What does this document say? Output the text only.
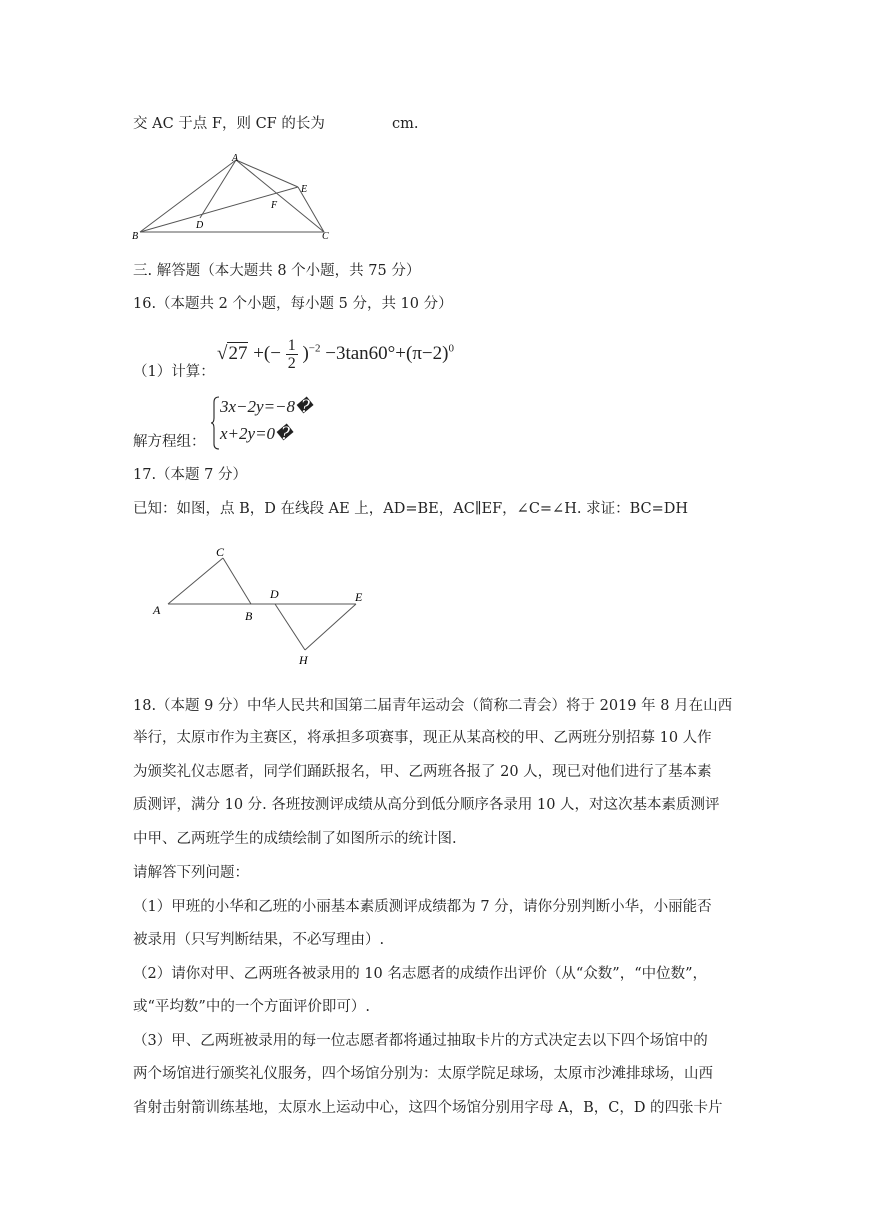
交 AC 于点 F，则 CF 的长为	cm.
A
B	C
D
E
F
三. 解答题（本大题共 8 个小题，共 75 分）
16.（本题共 2 个小题，每小题 5 分，共 10 分）
（1）计算：
√27 +(− $\frac{1}{2} )^{-2} -3\tan 60^\circ+(\pi-2)^0$
解方程组：
3x−2y=−8�
x+2y=0�
17.（本题 7 分）
已知：如图，点 B，D 在线段 AE 上，AD=BE，AC∥EF，∠C=∠H. 求证：BC=DH
C
A	B
D	E
H
18.（本题 9 分）中华人民共和国第二届青年运动会（简称二青会）将于 2019 年 8 月在山西
举行，太原市作为主赛区，将承担多项赛事，现正从某高校的甲、乙两班分别招募 10 人作
为颁奖礼仪志愿者，同学们踊跃报名，甲、乙两班各报了 20 人，现已对他们进行了基本素
质测评，满分 10 分. 各班按测评成绩从高分到低分顺序各录用 10 人，对这次基本素质测评
中甲、乙两班学生的成绩绘制了如图所示的统计图.
请解答下列问题：
（1）甲班的小华和乙班的小丽基本素质测评成绩都为 7 分，请你分别判断小华，小丽能否
被录用（只写判断结果，不必写理由）.
（2）请你对甲、乙两班各被录用的 10 名志愿者的成绩作出评价（从“众数”，“中位数”，
或“平均数”中的一个方面评价即可）.
（3）甲、乙两班被录用的每一位志愿者都将通过抽取卡片的方式决定去以下四个场馆中的
两个场馆进行颁奖礼仪服务，四个场馆分别为：太原学院足球场，太原市沙滩排球场，山西
省射击射箭训练基地，太原水上运动中心，这四个场馆分别用字母 A，B，C，D 的四张卡片
